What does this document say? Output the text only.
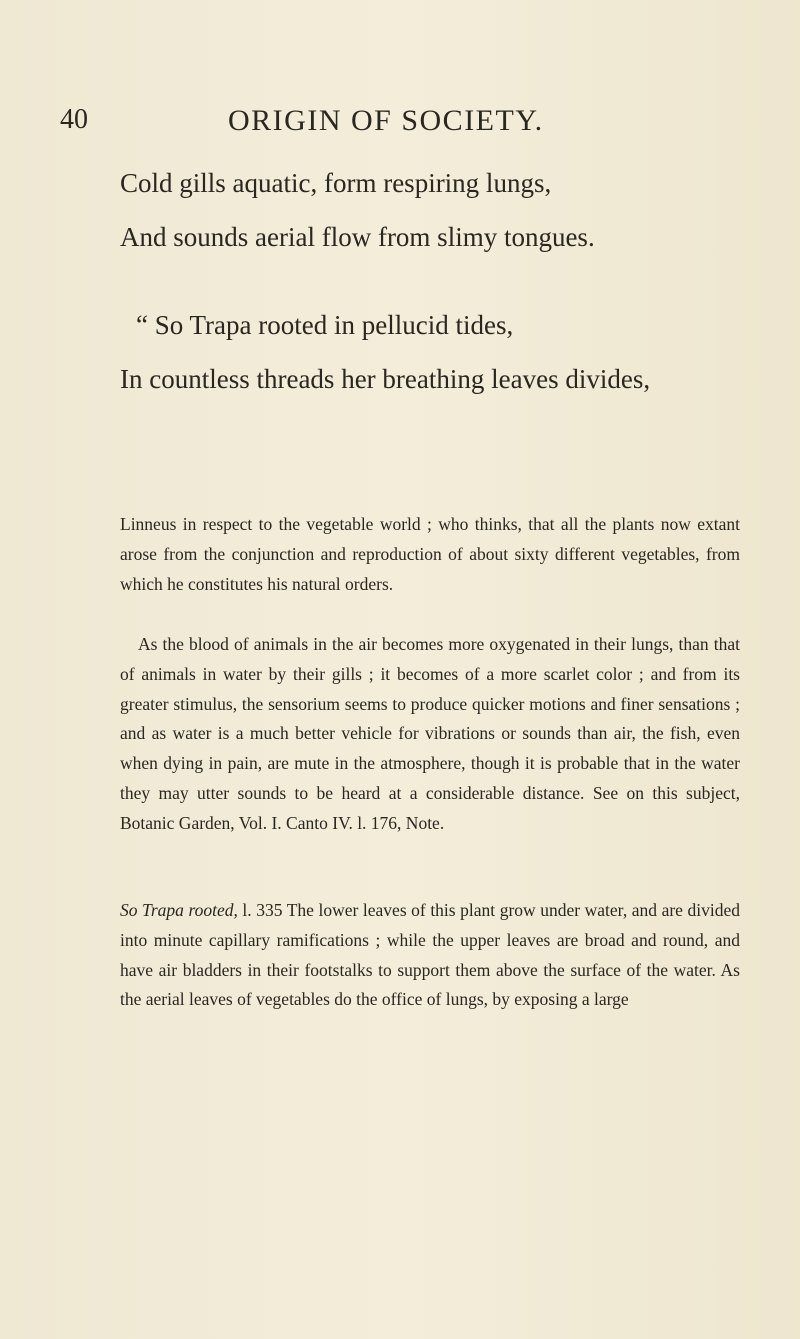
40	ORIGIN OF SOCIETY.
Cold gills aquatic, form respiring lungs,
And sounds aerial flow from slimy tongues.
“ So Trapa rooted in pellucid tides,
In countless threads her breathing leaves divides,

Linneus in respect to the vegetable world ; who thinks, that all the plants now extant arose from the conjunction and reproduction of about sixty different vegetables, from which he constitutes his natural orders.

As the blood of animals in the air becomes more oxygenated in their lungs, than that of animals in water by their gills ; it becomes of a more scarlet color ; and from its greater stimulus, the sensorium seems to produce quicker motions and finer sensations ; and as water is a much better vehicle for vibrations or sounds than air, the fish, even when dying in pain, are mute in the atmosphere, though it is probable that in the water they may utter sounds to be heard at a considerable distance. See on this subject, Botanic Garden, Vol. I. Canto IV. l. 176, Note.

So Trapa rooted, l. 335 The lower leaves of this plant grow under water, and are divided into minute capillary ramifications ; while the upper leaves are broad and round, and have air bladders in their footstalks to support them above the surface of the water. As the aerial leaves of vegetables do the office of lungs, by exposing a large
